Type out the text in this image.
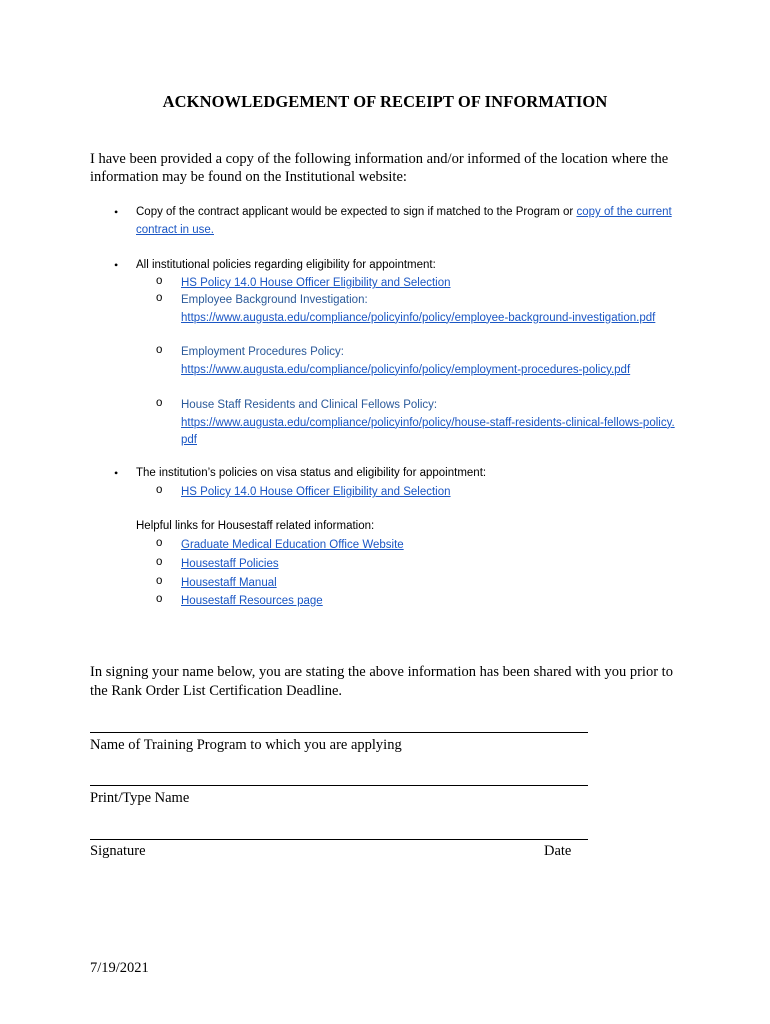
ACKNOWLEDGEMENT OF RECEIPT OF INFORMATION
I have been provided a copy of the following information and/or informed of the location where the information may be found on the Institutional website:
• Copy of the contract applicant would be expected to sign if matched to the Program or copy of the current contract in use.
• All institutional policies regarding eligibility for appointment:
o HS Policy 14.0 House Officer Eligibility and Selection
o Employee Background Investigation:
https://www.augusta.edu/compliance/policyinfo/policy/employee-background-investigation.pdf
o Employment Procedures Policy:
https://www.augusta.edu/compliance/policyinfo/policy/employment-procedures-policy.pdf
o House Staff Residents and Clinical Fellows Policy:
https://www.augusta.edu/compliance/policyinfo/policy/house-staff-residents-clinical-fellows-policy.pdf
• The institution’s policies on visa status and eligibility for appointment:
o HS Policy 14.0 House Officer Eligibility and Selection
Helpful links for Housestaff related information:
o Graduate Medical Education Office Website
o Housestaff Policies
o Housestaff Manual
o Housestaff Resources page
In signing your name below, you are stating the above information has been shared with you prior to the Rank Order List Certification Deadline.
Name of Training Program to which you are applying
Print/Type Name
Signature	Date
7/19/2021
